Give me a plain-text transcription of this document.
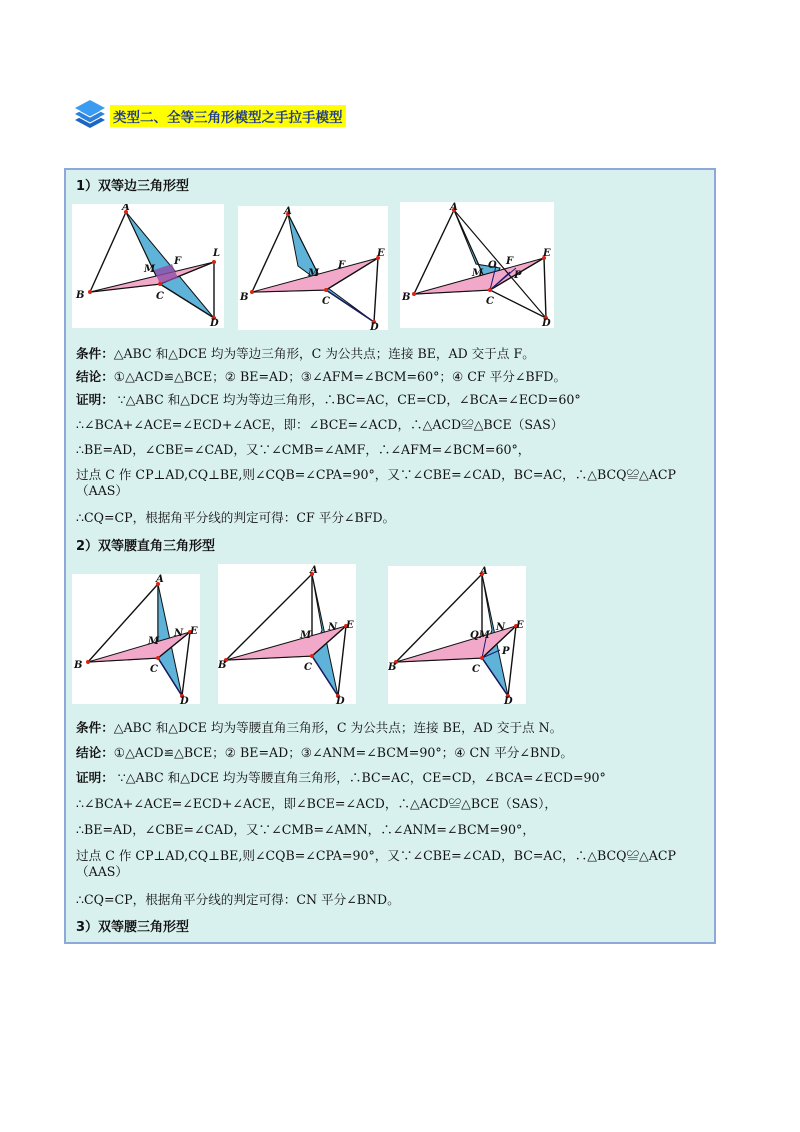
类型二、全等三角形模型之手拉手模型
1）双等边三角形型
A
B	C
D
L
F
M
A
B	C
D
E
F
M
A
B	C
D
E
F
M
O
P
条件：△ABC 和△DCE 均为等边三角形，C 为公共点；连接 BE，AD 交于点 F。
结论：①△ACD≌△BCE；② BE=AD；③∠AFM=∠BCM=60°；④ CF 平分∠BFD。
证明： ∵△ABC 和△DCE 均为等边三角形，∴BC=AC，CE=CD，∠BCA=∠ECD=60°
∴∠BCA+∠ACE=∠ECD+∠ACE，即：∠BCE=∠ACD，∴△ACD≌△BCE（SAS）
∴BE=AD，∠CBE=∠CAD，又∵∠CMB=∠AMF，∴∠AFM=∠BCM=60°，
过点 C 作 CP⊥AD,CQ⊥BE,则∠CQB=∠CPA=90°，又∵∠CBE=∠CAD，BC=AC，∴△BCQ≌△ACP（AAS）
∴CQ=CP，根据角平分线的判定可得：CF 平分∠BFD。
2）双等腰直角三角形型
A
B	C
D
E
N
M
A
B	C
D
E
N
M
A
B	C
D
E
N
QM
P
条件：△ABC 和△DCE 均为等腰直角三角形，C 为公共点；连接 BE，AD 交于点 N。
结论：①△ACD≌△BCE；② BE=AD；③∠ANM=∠BCM=90°；④ CN 平分∠BND。
证明： ∵△ABC 和△DCE 均为等腰直角三角形，∴BC=AC，CE=CD，∠BCA=∠ECD=90°
∴∠BCA+∠ACE=∠ECD+∠ACE，即∠BCE=∠ACD，∴△ACD≌△BCE（SAS），
∴BE=AD，∠CBE=∠CAD，又∵∠CMB=∠AMN，∴∠ANM=∠BCM=90°，
过点 C 作 CP⊥AD,CQ⊥BE,则∠CQB=∠CPA=90°，又∵∠CBE=∠CAD，BC=AC，∴△BCQ≌△ACP（AAS）
∴CQ=CP，根据角平分线的判定可得：CN 平分∠BND。
3）双等腰三角形型
